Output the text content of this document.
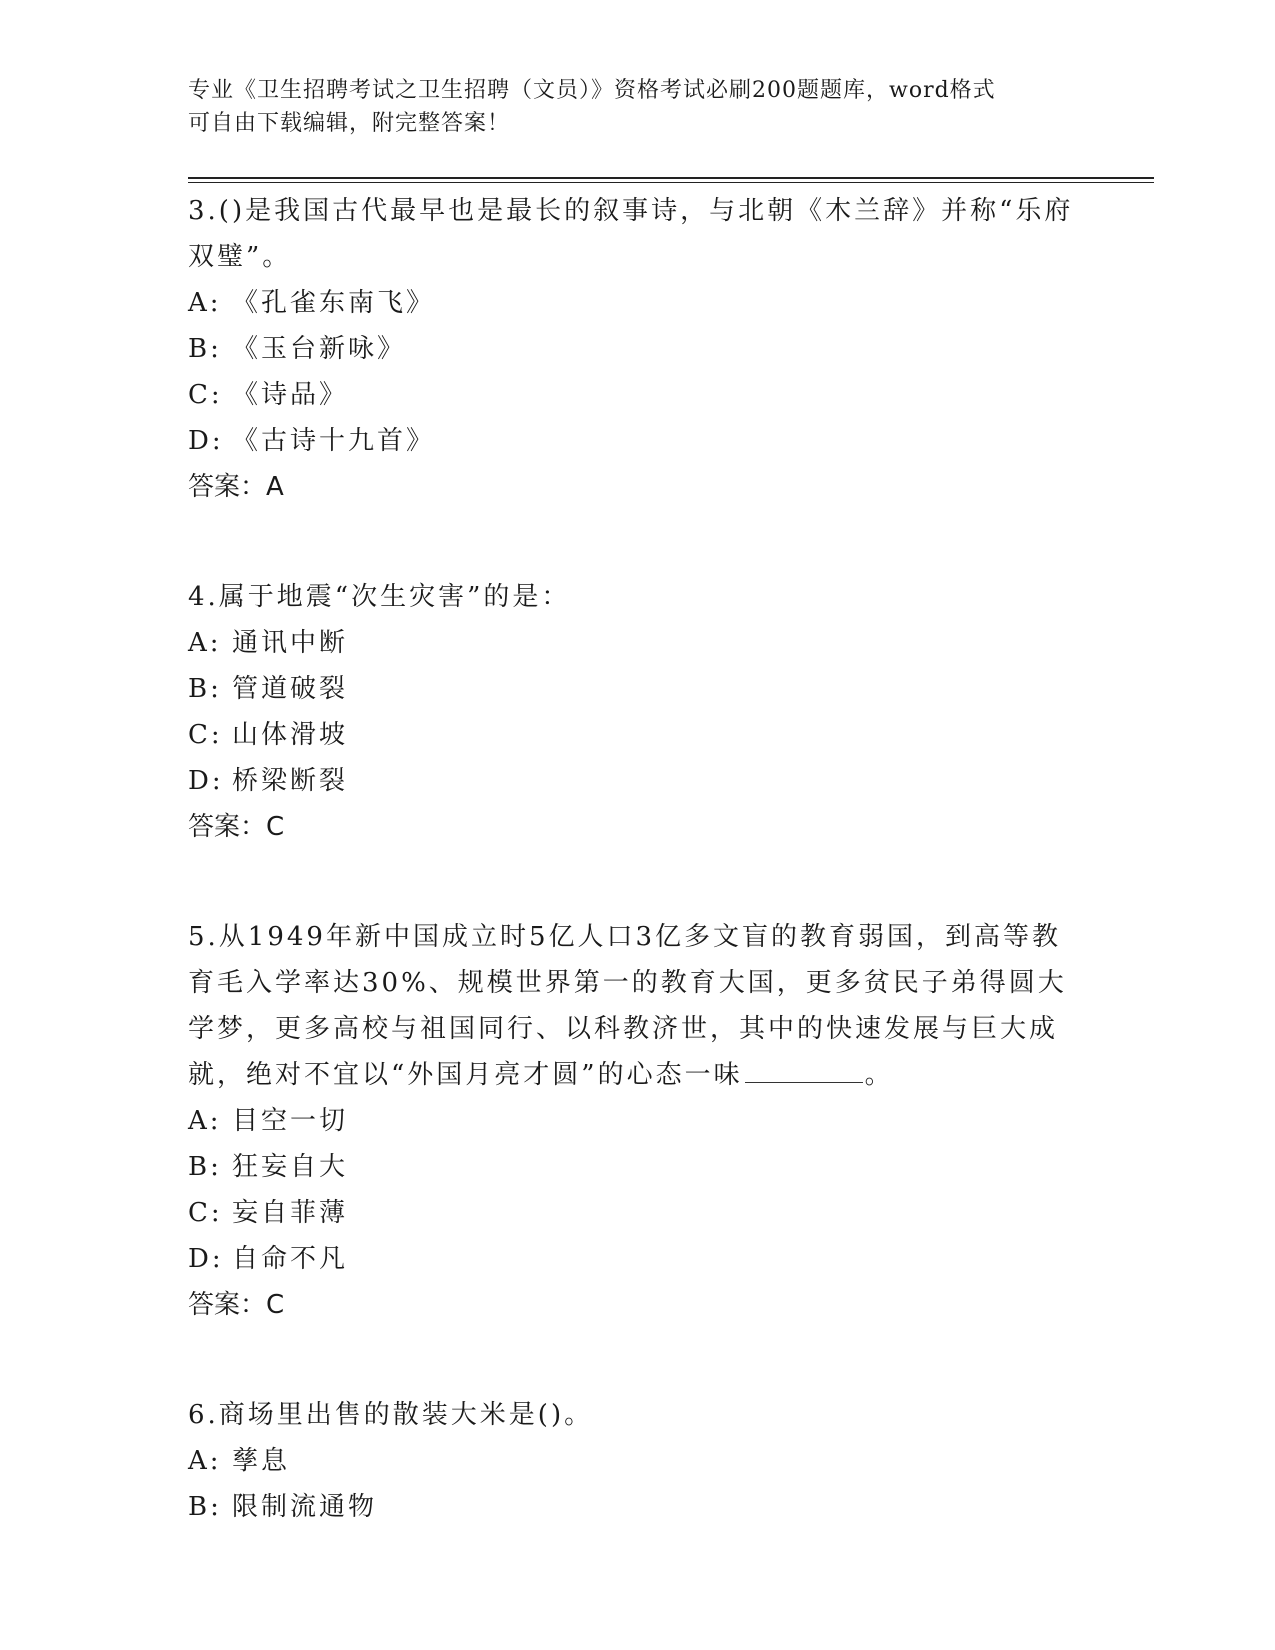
专业《卫生招聘考试之卫生招聘（文员）》资格考试必刷200题题库，word格式
可自由下载编辑，附完整答案！

3.()是我国古代最早也是最长的叙事诗，与北朝《木兰辞》并称“乐府双璧”。

A: 《孔雀东南飞》

B: 《玉台新咏》

C: 《诗品》

D: 《古诗十九首》

答案：A

4.属于地震“次生灾害”的是：

A: 通讯中断

B: 管道破裂

C: 山体滑坡

D: 桥梁断裂

答案：C

5.从1949年新中国成立时5亿人口3亿多文盲的教育弱国，到高等教育毛入学率达30%、规模世界第一的教育大国，更多贫民子弟得圆大学梦，更多高校与祖国同行、以科教济世，其中的快速发展与巨大成就，绝对不宜以“外国月亮才圆”的心态一味	。

A: 目空一切

B: 狂妄自大

C: 妄自菲薄

D: 自命不凡

答案：C

6.商场里出售的散装大米是()。

A: 孳息

B: 限制流通物
